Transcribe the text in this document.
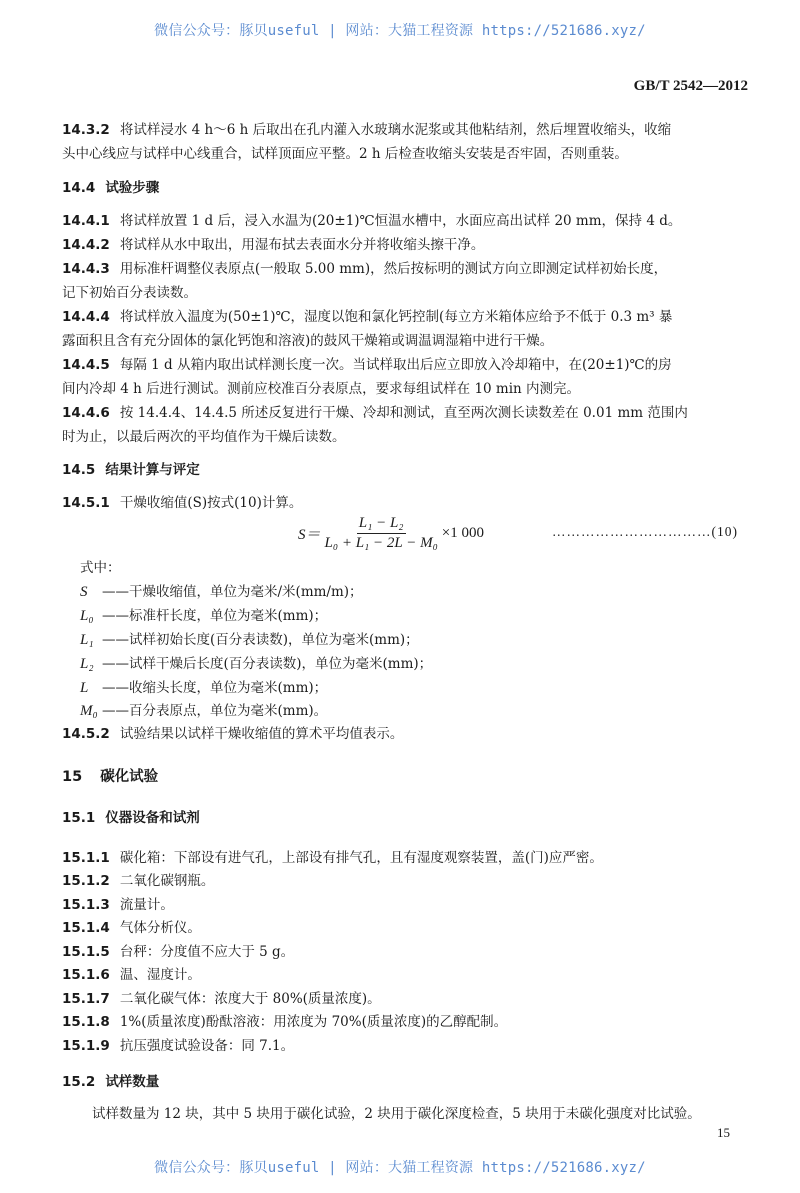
微信公众号：豚贝useful | 网站：大猫工程资源 https://521686.xyz/
GB/T 2542—2012
14.3.2 将试样浸水 4 h～6 h 后取出在孔内灌入水玻璃水泥浆或其他粘结剂，然后埋置收缩头，收缩
头中心线应与试样中心线重合，试样顶面应平整。2 h 后检查收缩头安装是否牢固，否则重装。
14.4 试验步骤
14.4.1 将试样放置 1 d 后，浸入水温为(20±1)℃恒温水槽中，水面应高出试样 20 mm，保持 4 d。
14.4.2 将试样从水中取出，用湿布拭去表面水分并将收缩头擦干净。
14.4.3 用标准杆调整仪表原点(一般取 5.00 mm)，然后按标明的测试方向立即测定试样初始长度，
记下初始百分表读数。
14.4.4 将试样放入温度为(50±1)℃，湿度以饱和氯化钙控制(每立方米箱体应给予不低于 0.3 m³ 暴
露面积且含有充分固体的氯化钙饱和溶液)的鼓风干燥箱或调温调湿箱中进行干燥。
14.4.5 每隔 1 d 从箱内取出试样测长度一次。当试样取出后应立即放入冷却箱中，在(20±1)℃的房
间内冷却 4 h 后进行测试。测前应校准百分表原点，要求每组试样在 10 min 内测完。
14.4.6 按 14.4.4、14.4.5 所述反复进行干燥、冷却和测试，直至两次测长读数差在 0.01 mm 范围内
时为止，以最后两次的平均值作为干燥后读数。
14.5 结果计算与评定
14.5.1 干燥收缩值(S)按式(10)计算。
$S= \frac{\text{L₁ − L₂}}{\text{L₀ + L₁ − 2L − M₀}} \times 1$ 000	……………………………(10)
式中：
S ——干燥收缩值，单位为毫米/米(mm/m)；
L₀ ——标准杆长度，单位为毫米(mm)；
L₁ ——试样初始长度(百分表读数)，单位为毫米(mm)；
L₂ ——试样干燥后长度(百分表读数)，单位为毫米(mm)；
L ——收缩头长度，单位为毫米(mm)；
M₀ ——百分表原点，单位为毫米(mm)。
14.5.2 试验结果以试样干燥收缩值的算术平均值表示。
15 碳化试验
15.1 仪器设备和试剂
15.1.1 碳化箱：下部设有进气孔，上部设有排气孔，且有湿度观察装置，盖(门)应严密。
15.1.2 二氧化碳钢瓶。
15.1.3 流量计。
15.1.4 气体分析仪。
15.1.5 台秤：分度值不应大于 5 g。
15.1.6 温、湿度计。
15.1.7 二氧化碳气体：浓度大于 80%(质量浓度)。
15.1.8 1%(质量浓度)酚酞溶液：用浓度为 70%(质量浓度)的乙醇配制。
15.1.9 抗压强度试验设备：同 7.1。
15.2 试样数量
试样数量为 12 块，其中 5 块用于碳化试验，2 块用于碳化深度检查，5 块用于未碳化强度对比试验。
15
微信公众号：豚贝useful | 网站：大猫工程资源 https://521686.xyz/
